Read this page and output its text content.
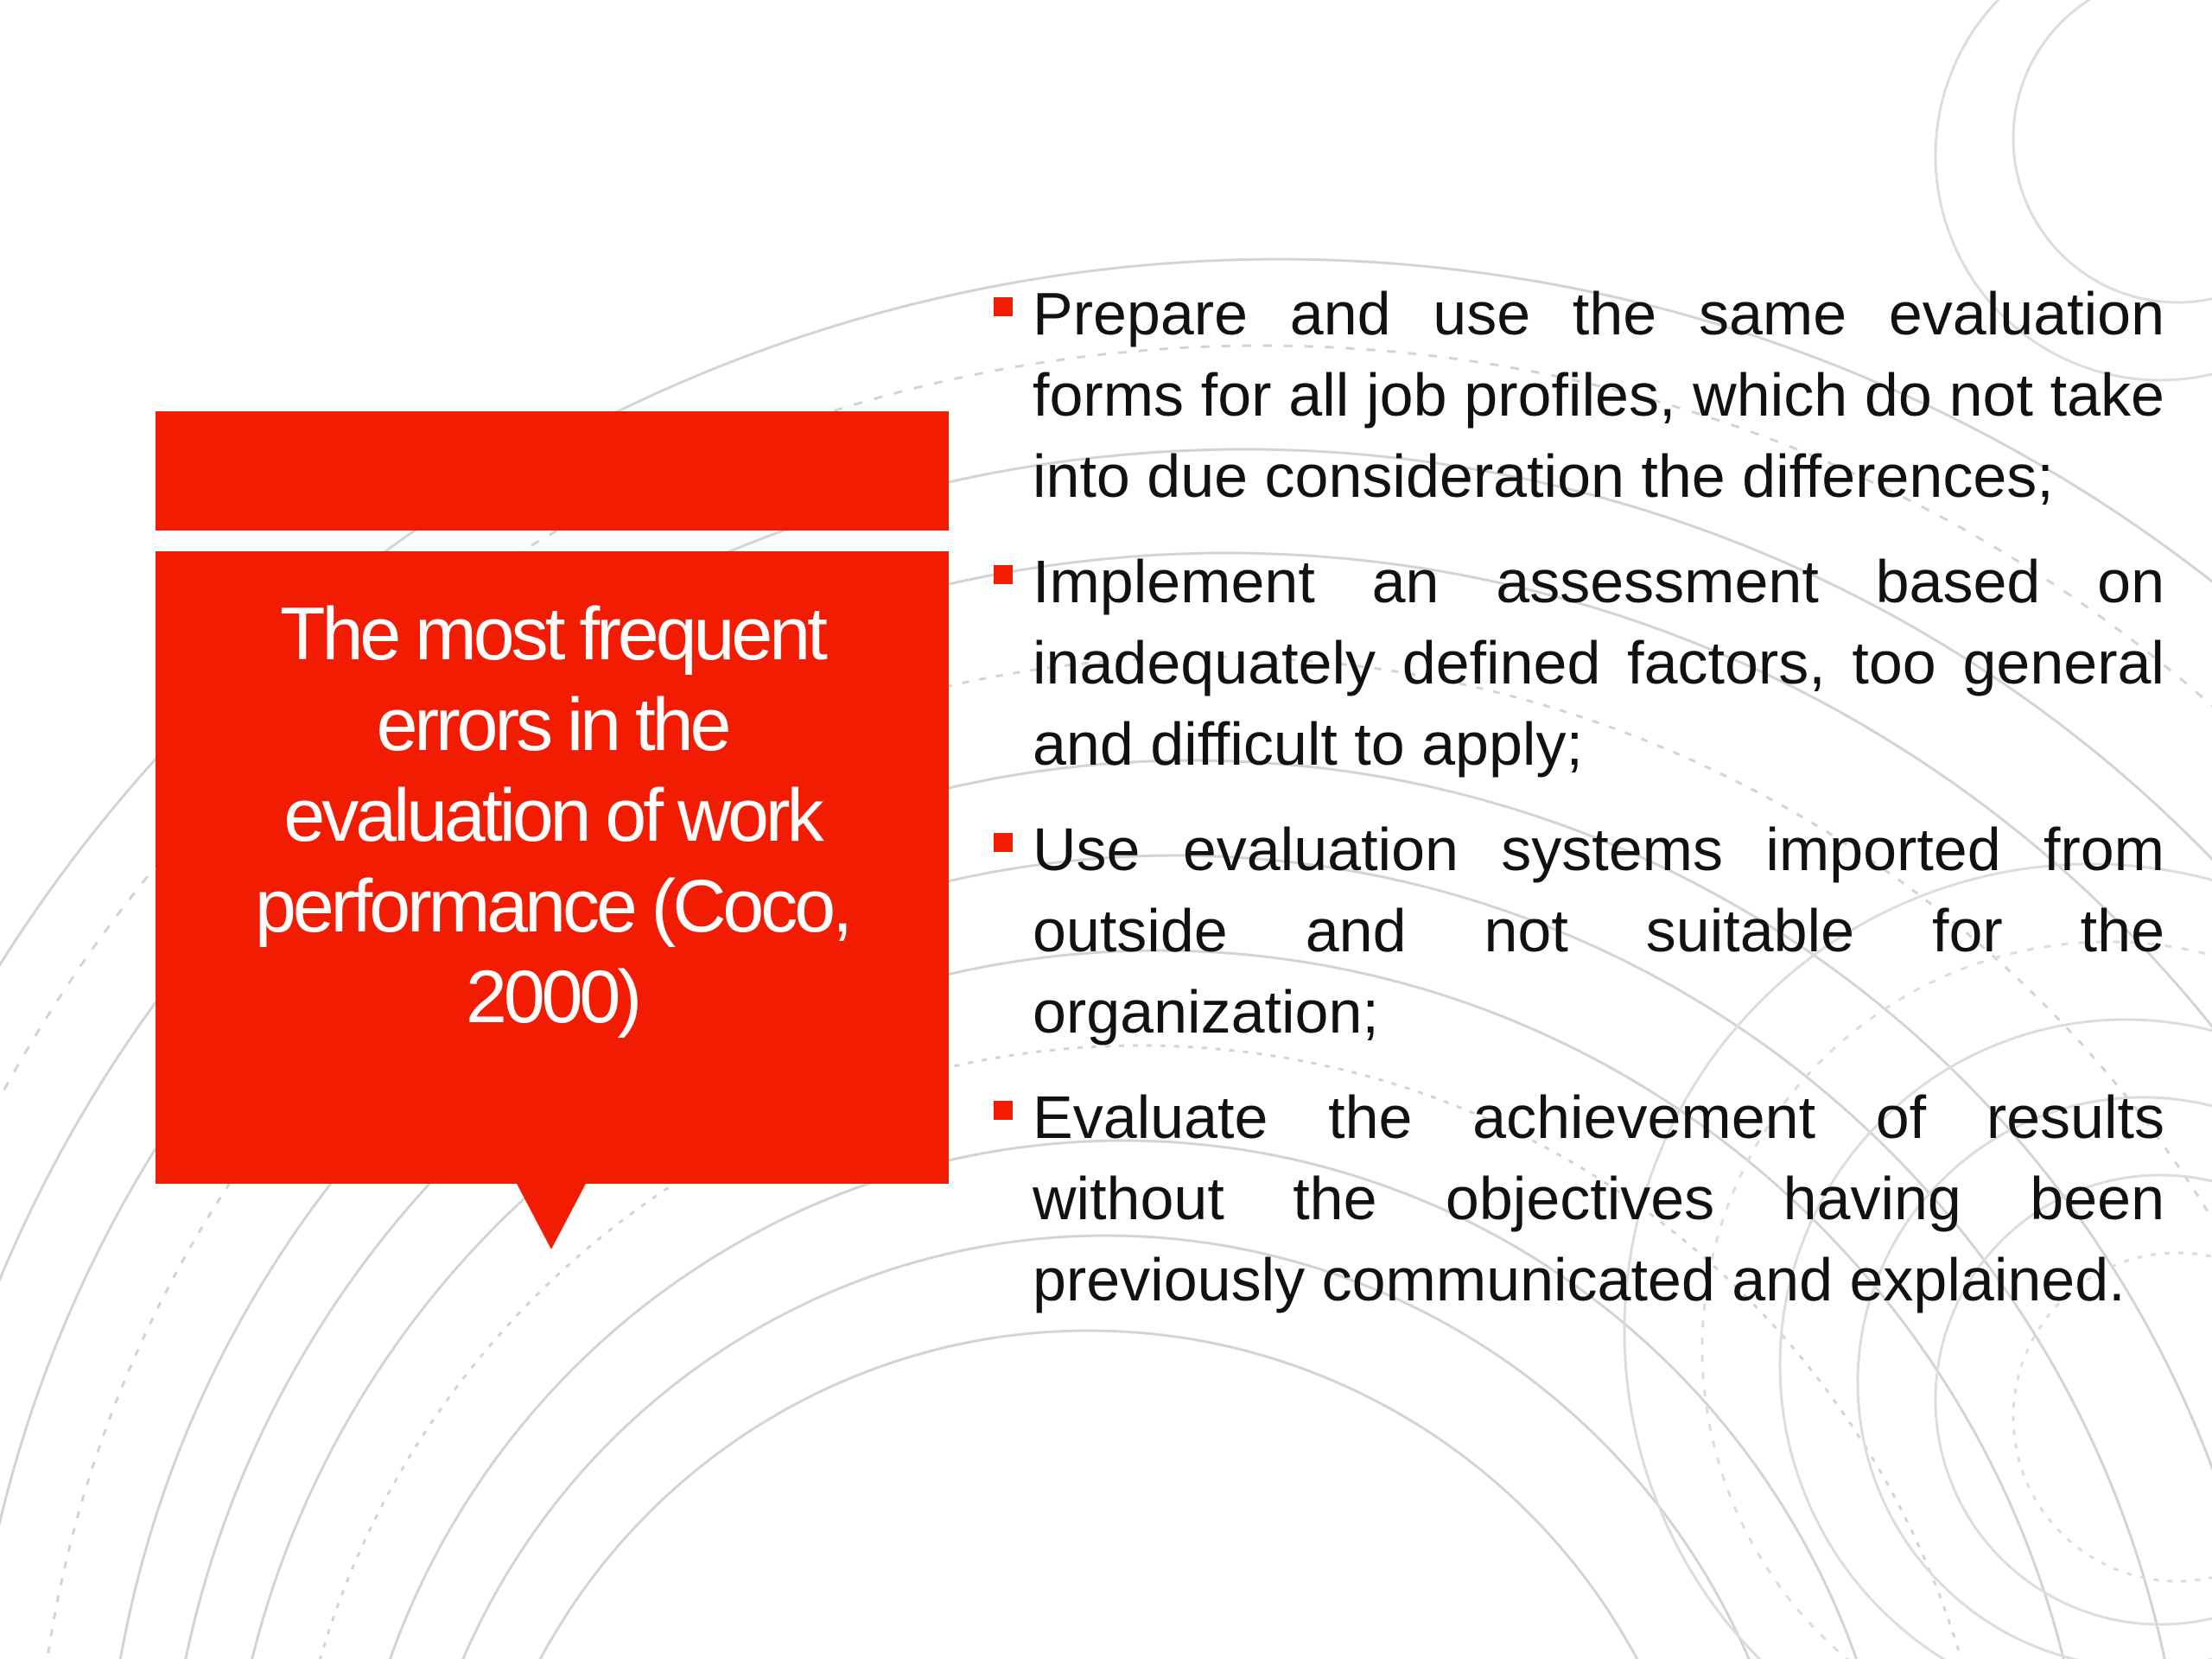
The most frequent errors in the evaluation of work performance (Coco, 2000)
Prepare and use the same evaluation forms for all job profiles, which do not take into due consideration the differences;
Implement an assessment based on inadequately defined factors, too general and difficult to apply;
Use evaluation systems imported from outside and not suitable for the organization;
Evaluate the achievement of results without the objectives having been previously communicated and explained.
